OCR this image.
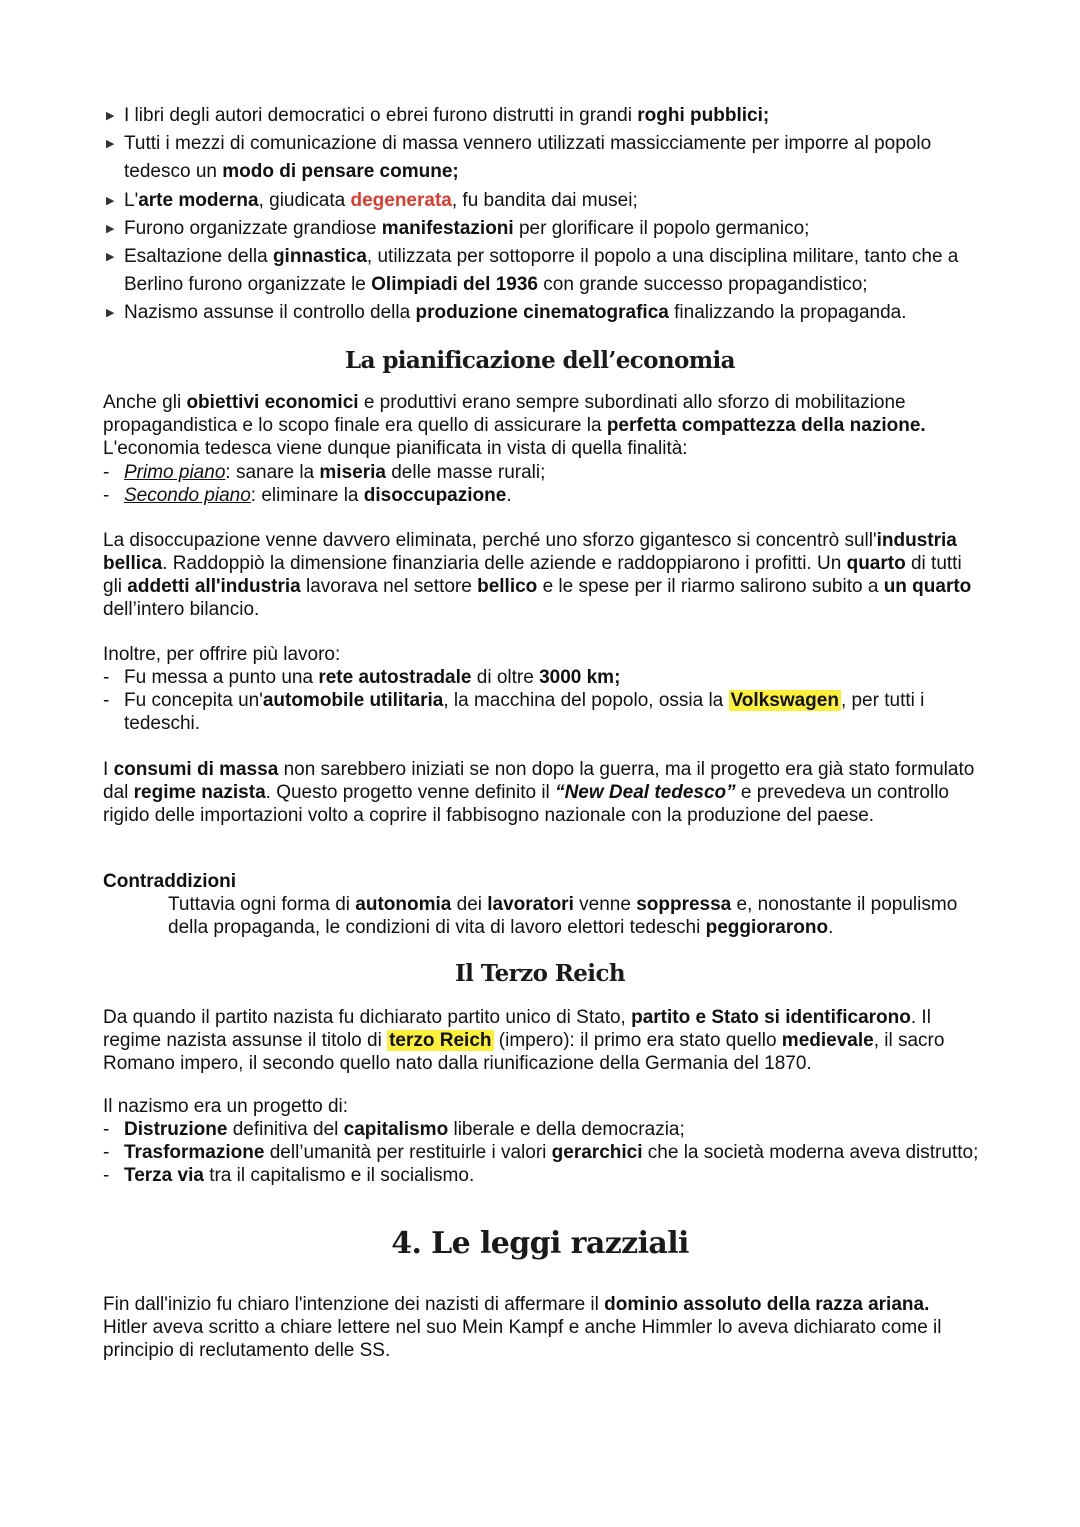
▶ I libri degli autori democratici o ebrei furono distrutti in grandi roghi pubblici;
▶ Tutti i mezzi di comunicazione di massa vennero utilizzati massicciamente per imporre al popolo tedesco un modo di pensare comune;
▶ L'arte moderna, giudicata degenerata, fu bandita dai musei;
▶ Furono organizzate grandiose manifestazioni per glorificare il popolo germanico;
▶ Esaltazione della ginnastica, utilizzata per sottoporre il popolo a una disciplina militare, tanto che a Berlino furono organizzate le Olimpiadi del 1936 con grande successo propagandistico;
▶ Nazismo assunse il controllo della produzione cinematografica finalizzando la propaganda.
La pianificazione dell’economia

Anche gli obiettivi economici e produttivi erano sempre subordinati allo sforzo di mobilitazione propagandistica e lo scopo finale era quello di assicurare la perfetta compattezza della nazione.
L'economia tedesca viene dunque pianificata in vista di quella finalità:

- Primo piano: sanare la miseria delle masse rurali;
- Secondo piano: eliminare la disoccupazione.

La disoccupazione venne davvero eliminata, perché uno sforzo gigantesco si concentrò sull'industria bellica. Raddoppiò la dimensione finanziaria delle aziende e raddoppiarono i profitti. Un quarto di tutti gli addetti all'industria lavorava nel settore bellico e le spese per il riarmo salirono subito a un quarto dell’intero bilancio.

Inoltre, per offrire più lavoro:

- Fu messa a punto una rete autostradale di oltre 3000 km;
- Fu concepita un'automobile utilitaria, la macchina del popolo, ossia la Volkswagen , per tutti i tedeschi.

I consumi di massa non sarebbero iniziati se non dopo la guerra, ma il progetto era già stato formulato dal regime nazista. Questo progetto venne definito il “New Deal tedesco” e prevedeva un controllo rigido delle importazioni volto a coprire il fabbisogno nazionale con la produzione del paese.

Contraddizioni

Tuttavia ogni forma di autonomia dei lavoratori venne soppressa e, nonostante il populismo della propaganda, le condizioni di vita di lavoro elettori tedeschi peggiorarono.

Il Terzo Reich

Da quando il partito nazista fu dichiarato partito unico di Stato, partito e Stato si identificarono. Il regime nazista assunse il titolo di terzo Reich (impero): il primo era stato quello medievale, il sacro Romano impero, il secondo quello nato dalla riunificazione della Germania del 1870.

Il nazismo era un progetto di:

- Distruzione definitiva del capitalismo liberale e della democrazia;
- Trasformazione dell’umanità per restituirle i valori gerarchici che la società moderna aveva distrutto;
- Terza via tra il capitalismo e il socialismo.
4. Le leggi razziali

Fin dall'inizio fu chiaro l'intenzione dei nazisti di affermare il dominio assoluto della razza ariana.
Hitler aveva scritto a chiare lettere nel suo Mein Kampf e anche Himmler lo aveva dichiarato come il principio di reclutamento delle SS.
